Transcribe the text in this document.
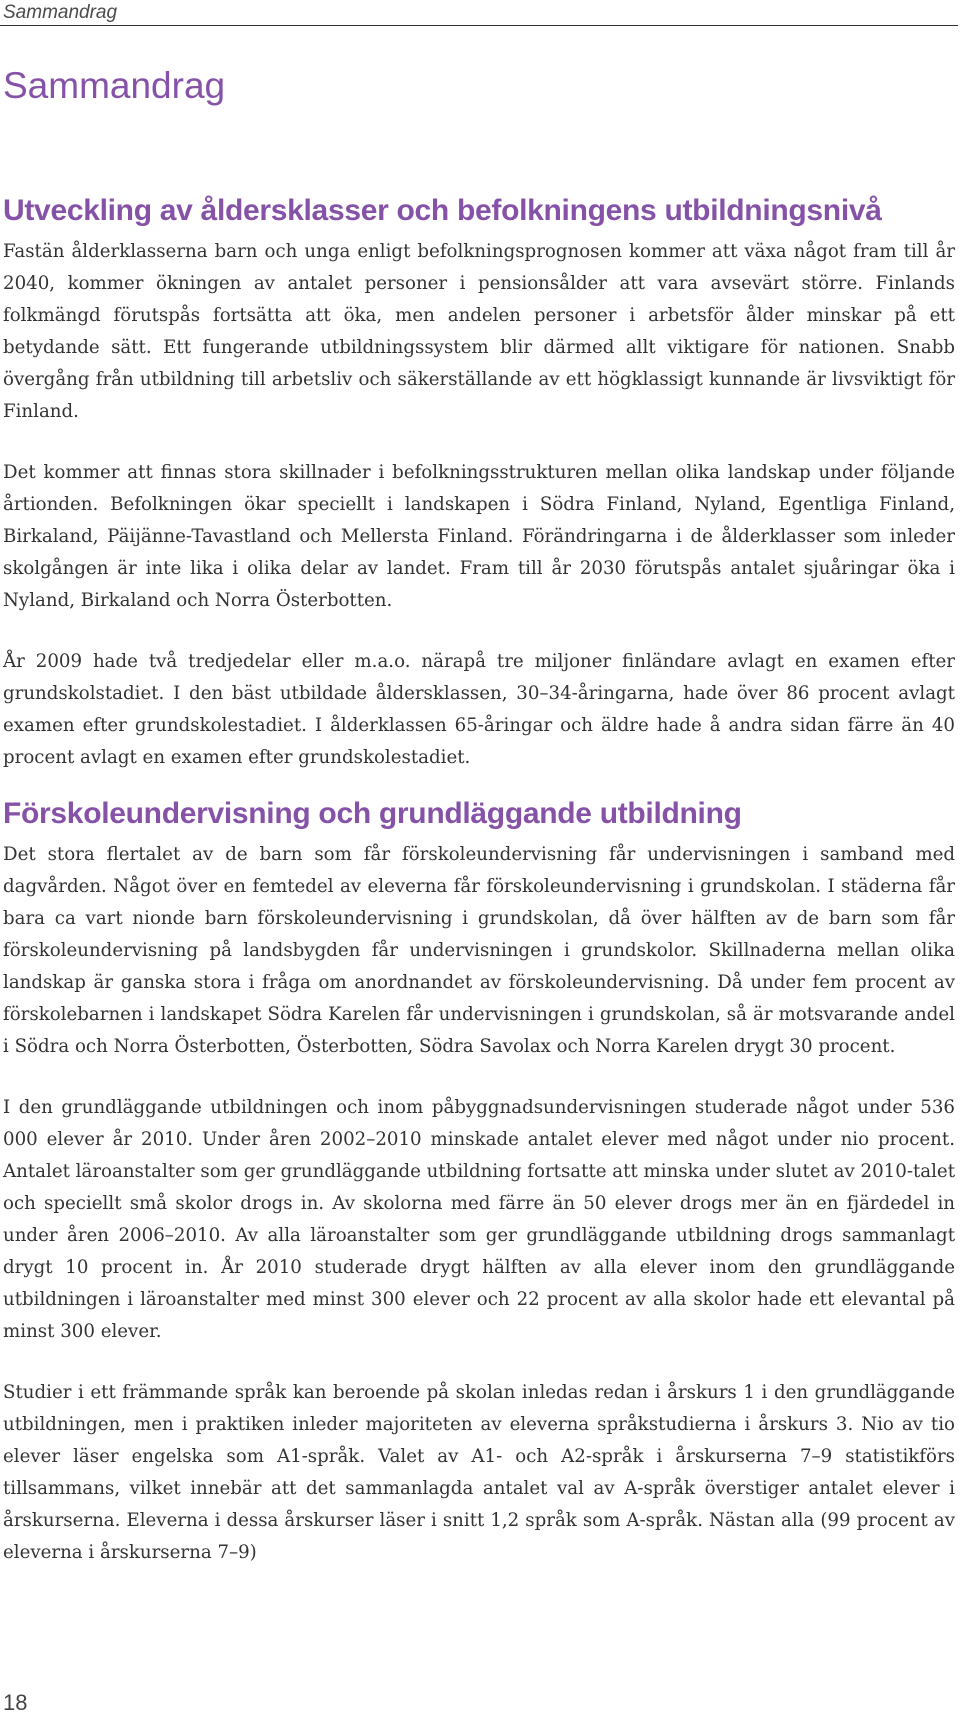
Sammandrag
Sammandrag
Utveckling av åldersklasser och befolkningens utbildningsnivå

Fastän ålderklasserna barn och unga enligt befolkningsprognosen kommer att växa något fram till år 2040, kommer ökningen av antalet personer i pensionsålder att vara avsevärt större. Finlands folkmängd förutspås fortsätta att öka, men andelen personer i arbetsför ålder minskar på ett betydande sätt. Ett fungerande utbildningssystem blir därmed allt viktigare för nationen. Snabb övergång från utbildning till arbetsliv och säkerställande av ett högklassigt kunnande är livsviktigt för Finland.

Det kommer att finnas stora skillnader i befolkningsstrukturen mellan olika landskap under följande årtionden. Befolkningen ökar speciellt i landskapen i Södra Finland, Nyland, Egentliga Finland, Birkaland, Päijänne-Tavastland och Mellersta Finland. Förändringarna i de ålderklasser som inleder skolgången är inte lika i olika delar av landet. Fram till år 2030 förutspås antalet sjuåringar öka i Nyland, Birkaland och Norra Österbotten.

År 2009 hade två tredjedelar eller m.a.o. närapå tre miljoner finländare avlagt en examen efter grundskolstadiet. I den bäst utbildade åldersklassen, 30–34-åringarna, hade över 86 procent avlagt examen efter grundskolestadiet. I ålderklassen 65-åringar och äldre hade å andra sidan färre än 40 procent avlagt en examen efter grundskolestadiet.

Förskoleundervisning och grundläggande utbildning

Det stora flertalet av de barn som får förskoleundervisning får undervisningen i samband med dagvården. Något över en femtedel av eleverna får förskoleundervisning i grundskolan. I städerna får bara ca vart nionde barn förskoleundervisning i grundskolan, då över hälften av de barn som får förskoleundervisning på landsbygden får undervisningen i grundskolor. Skillnaderna mellan olika landskap är ganska stora i fråga om anordnandet av förskoleundervisning. Då under fem procent av förskolebarnen i landskapet Södra Karelen får undervisningen i grundskolan, så är motsvarande andel i Södra och Norra Österbotten, Österbotten, Södra Savolax och Norra Karelen drygt 30 procent.

I den grundläggande utbildningen och inom påbyggnadsundervisningen studerade något under 536 000 elever år 2010. Under åren 2002–2010 minskade antalet elever med något under nio procent. Antalet läroanstalter som ger grundläggande utbildning fortsatte att minska under slutet av 2010-talet och speciellt små skolor drogs in. Av skolorna med färre än 50 elever drogs mer än en fjärdedel in under åren 2006–2010. Av alla läroanstalter som ger grundläggande utbildning drogs sammanlagt drygt 10 procent in. År 2010 studerade drygt hälften av alla elever inom den grundläggande utbildningen i läroanstalter med minst 300 elever och 22 procent av alla skolor hade ett elevantal på minst 300 elever.

Studier i ett främmande språk kan beroende på skolan inledas redan i årskurs 1 i den grundläggande utbildningen, men i praktiken inleder majoriteten av eleverna språkstudierna i årskurs 3. Nio av tio elever läser engelska som A1-språk. Valet av A1- och A2-språk i årskurserna 7–9 statistikförs tillsammans, vilket innebär att det sammanlagda antalet val av A-språk överstiger antalet elever i årskurserna. Eleverna i dessa årskurser läser i snitt 1,2 språk som A-språk. Nästan alla (99 procent av eleverna i årskurserna 7–9)

18
